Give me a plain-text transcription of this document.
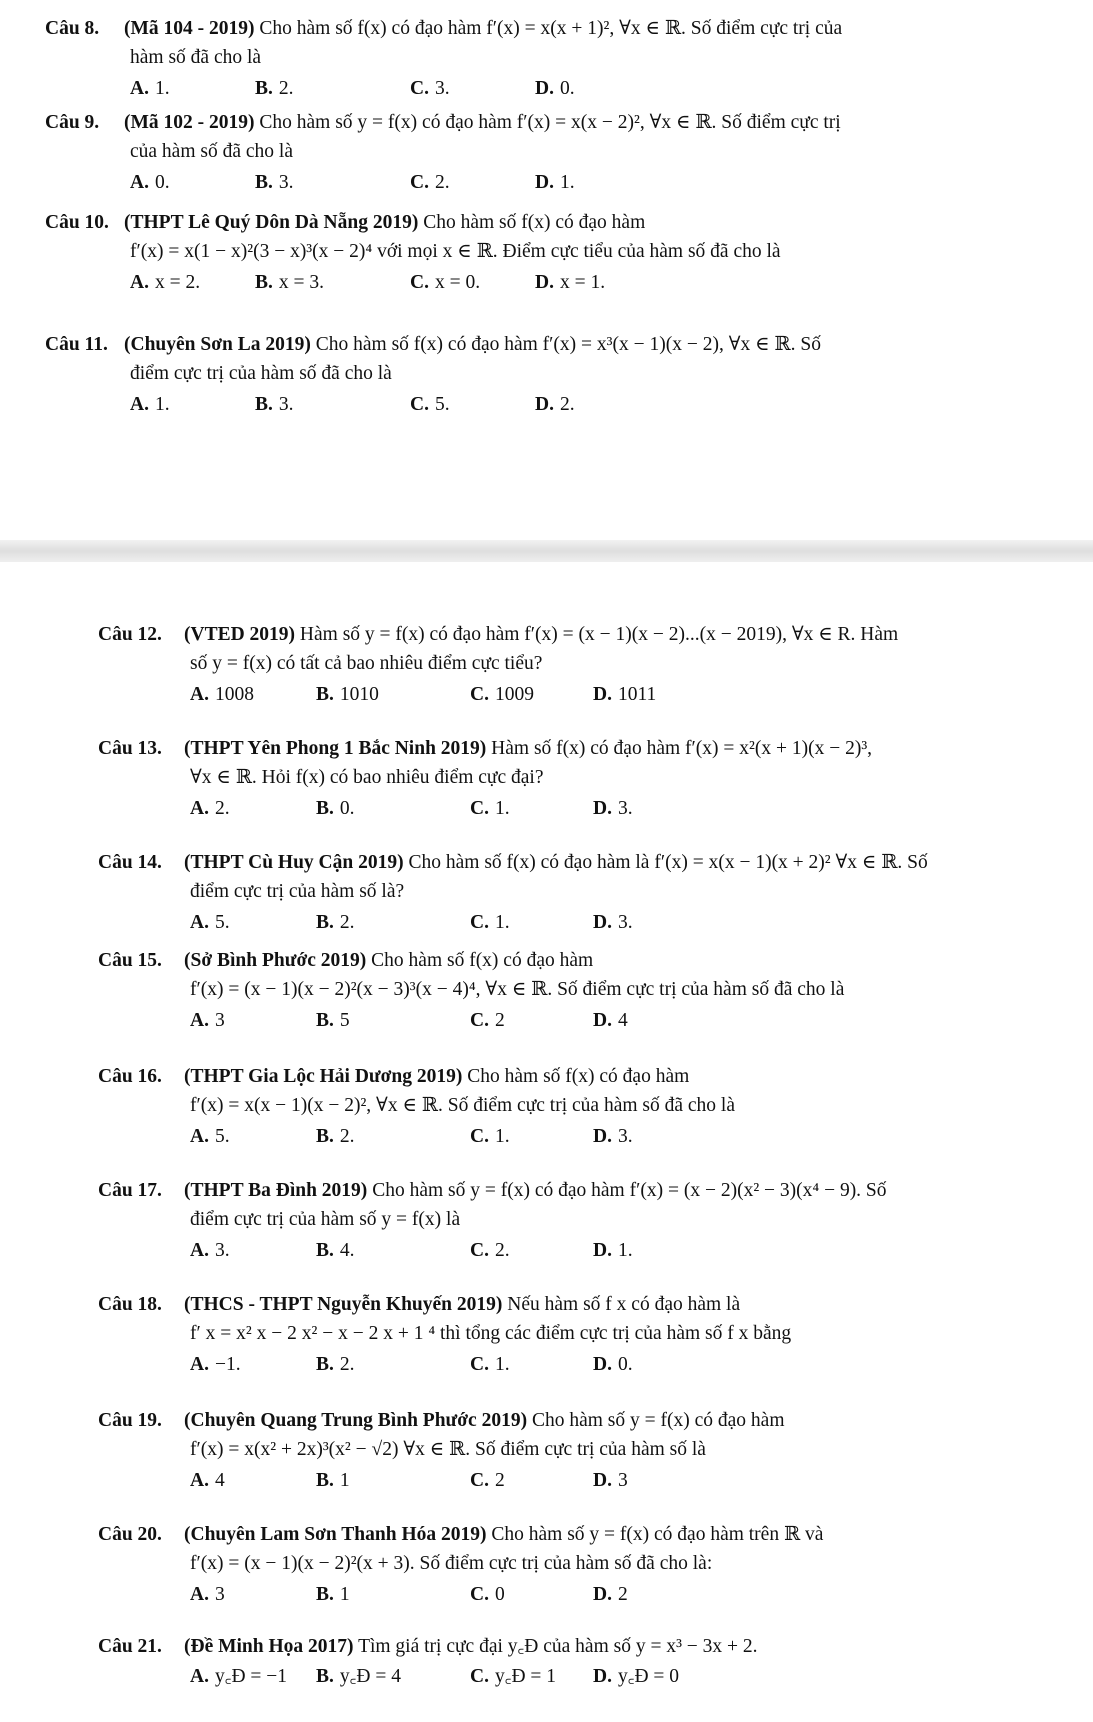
Câu 8.	(Mã 104 - 2019) Cho hàm số f(x) có đạo hàm f′(x) = x(x + 1)², ∀x ∈ ℝ. Số điểm cực trị của
hàm số đã cho là
A. 1.	B. 2.	C. 3.	D. 0.
Câu 9.	(Mã 102 - 2019) Cho hàm số y = f(x) có đạo hàm f′(x) = x(x − 2)², ∀x ∈ ℝ. Số điểm cực trị
của hàm số đã cho là
A. 0.	B. 3.	C. 2.	D. 1.
Câu 10. (THPT Lê Quý Dôn Dà Nẵng 2019) Cho hàm số f(x) có đạo hàm
f′(x) = x(1 − x)²(3 − x)³(x − 2)⁴ với mọi x ∈ ℝ. Điểm cực tiểu của hàm số đã cho là
A. x = 2.	B. x = 3.	C. x = 0.	D. x = 1.
Câu 11. (Chuyên Sơn La 2019) Cho hàm số f(x) có đạo hàm f′(x) = x³(x − 1)(x − 2), ∀x ∈ ℝ. Số
điểm cực trị của hàm số đã cho là
A. 1.	B. 3.	C. 5.	D. 2.
Câu 12.	(VTED 2019) Hàm số y = f(x) có đạo hàm f′(x) = (x − 1)(x − 2)...(x − 2019), ∀x ∈ R. Hàm
số y = f(x) có tất cả bao nhiêu điểm cực tiểu?
A. 1008	B. 1010	C. 1009	D. 1011
Câu 13.	(THPT Yên Phong 1 Bắc Ninh 2019) Hàm số f(x) có đạo hàm f′(x) = x²(x + 1)(x − 2)³,
∀x ∈ ℝ. Hỏi f(x) có bao nhiêu điểm cực đại?
A. 2.	B. 0.	C. 1.	D. 3.
Câu 14.	(THPT Cù Huy Cận 2019) Cho hàm số f(x) có đạo hàm là f′(x) = x(x − 1)(x + 2)² ∀x ∈ ℝ. Số
điểm cực trị của hàm số là?
A. 5.	B. 2.	C. 1.	D. 3.
Câu 15.	(Sở Bình Phước 2019) Cho hàm số f(x) có đạo hàm
f′(x) = (x − 1)(x − 2)²(x − 3)³(x − 4)⁴, ∀x ∈ ℝ. Số điểm cực trị của hàm số đã cho là
A. 3	B. 5	C. 2	D. 4
Câu 16.	(THPT Gia Lộc Hải Dương 2019) Cho hàm số f(x) có đạo hàm
f′(x) = x(x − 1)(x − 2)², ∀x ∈ ℝ. Số điểm cực trị của hàm số đã cho là
A. 5.	B. 2.	C. 1.	D. 3.
Câu 17.	(THPT Ba Đình 2019) Cho hàm số y = f(x) có đạo hàm f′(x) = (x − 2)(x² − 3)(x⁴ − 9). Số
điểm cực trị của hàm số y = f(x) là
A. 3.	B. 4.	C. 2.	D. 1.
Câu 18.	(THCS - THPT Nguyễn Khuyến 2019) Nếu hàm số f x có đạo hàm là
f′ x = x² x − 2 x² − x − 2 x + 1 ⁴ thì tổng các điểm cực trị của hàm số f x bằng
A. −1.	B. 2.	C. 1.	D. 0.
Câu 19.	(Chuyên Quang Trung Bình Phước 2019) Cho hàm số y = f(x) có đạo hàm
f′(x) = x(x² + 2x)³(x² − √2) ∀x ∈ ℝ. Số điểm cực trị của hàm số là
A. 4	B. 1	C. 2	D. 3
Câu 20.	(Chuyên Lam Sơn Thanh Hóa 2019) Cho hàm số y = f(x) có đạo hàm trên ℝ và
f′(x) = (x − 1)(x − 2)²(x + 3). Số điểm cực trị của hàm số đã cho là:
A. 3	B. 1	C. 0	D. 2
Câu 21.	(Đề Minh Họa 2017) Tìm giá trị cực đại y꜀Đ của hàm số y = x³ − 3x + 2.
A. y꜀Đ = −1 B. y꜀Đ = 4	C. y꜀Đ = 1 D. y꜀Đ = 0
